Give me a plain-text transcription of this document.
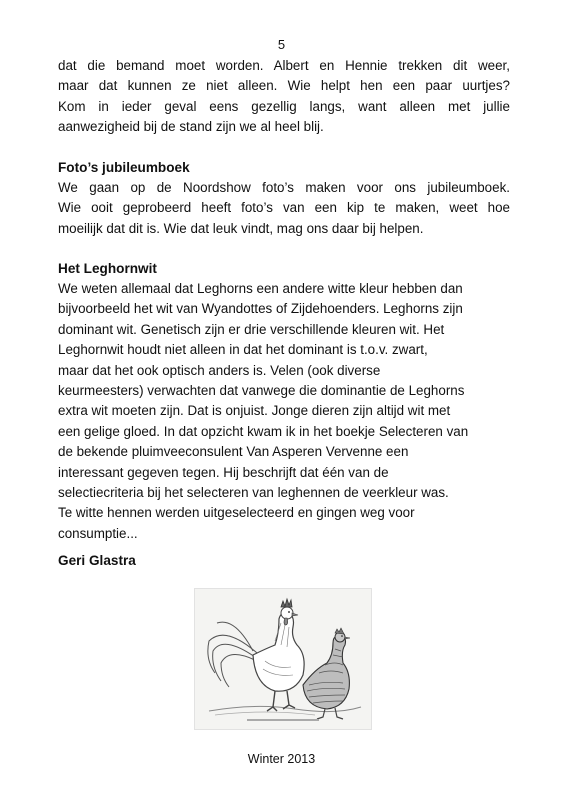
5
dat die bemand moet worden. Albert en Hennie trekken dit weer,
maar dat kunnen ze niet alleen. Wie helpt hen een paar uurtjes?
Kom in ieder geval eens gezellig langs, want alleen met jullie
aanwezigheid bij de stand zijn we al heel blij.
Foto’s jubileumboek
We gaan op de Noordshow foto’s maken voor ons jubileumboek.
Wie ooit geprobeerd heeft foto’s van een kip te maken, weet hoe
moeilijk dat dit is. Wie dat leuk vindt, mag ons daar bij helpen.
Het Leghornwit
We weten allemaal dat Leghorns een andere witte kleur hebben dan
bijvoorbeeld het wit van Wyandottes of Zijdehoenders. Leghorns zijn
dominant wit. Genetisch zijn er drie verschillende kleuren wit. Het
Leghornwit houdt niet alleen in dat het dominant is t.o.v. zwart,
maar dat het ook optisch anders is. Velen (ook diverse
keurmeesters) verwachten dat vanwege die dominantie de Leghorns
extra wit moeten zijn. Dat is onjuist. Jonge dieren zijn altijd wit met
een gelige gloed. In dat opzicht kwam ik in het boekje Selecteren van
de bekende pluimveeconsulent Van Asperen Vervenne een
interessant gegeven tegen. Hij beschrijft dat één van de
selectiecriteria bij het selecteren van leghennen de veerkleur was.
Te witte hennen werden uitgeselecteerd en gingen weg voor
consumptie...
Geri Glastra
Winter 2013
